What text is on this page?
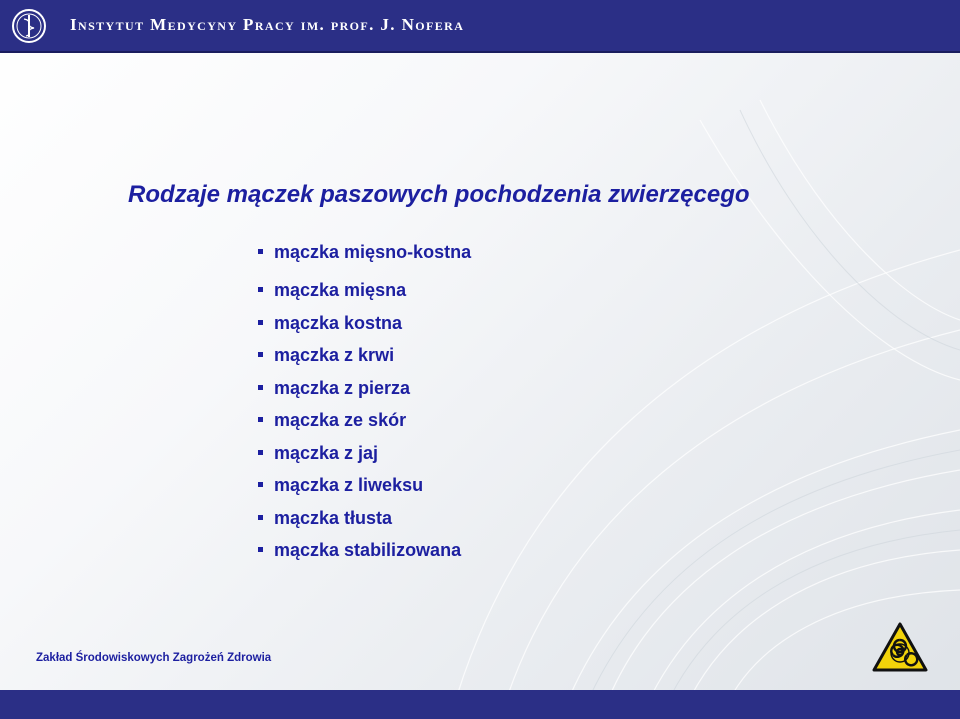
Instytut Medycyny Pracy im. prof. J. Nofera
Rodzaje mączek paszowych pochodzenia zwierzęcego
mączka mięsno-kostna
mączka mięsna
mączka kostna
mączka z krwi
mączka z pierza
mączka ze skór
mączka z jaj
mączka z liweksu
mączka tłusta
mączka stabilizowana
Zakład Środowiskowych Zagrożeń Zdrowia
